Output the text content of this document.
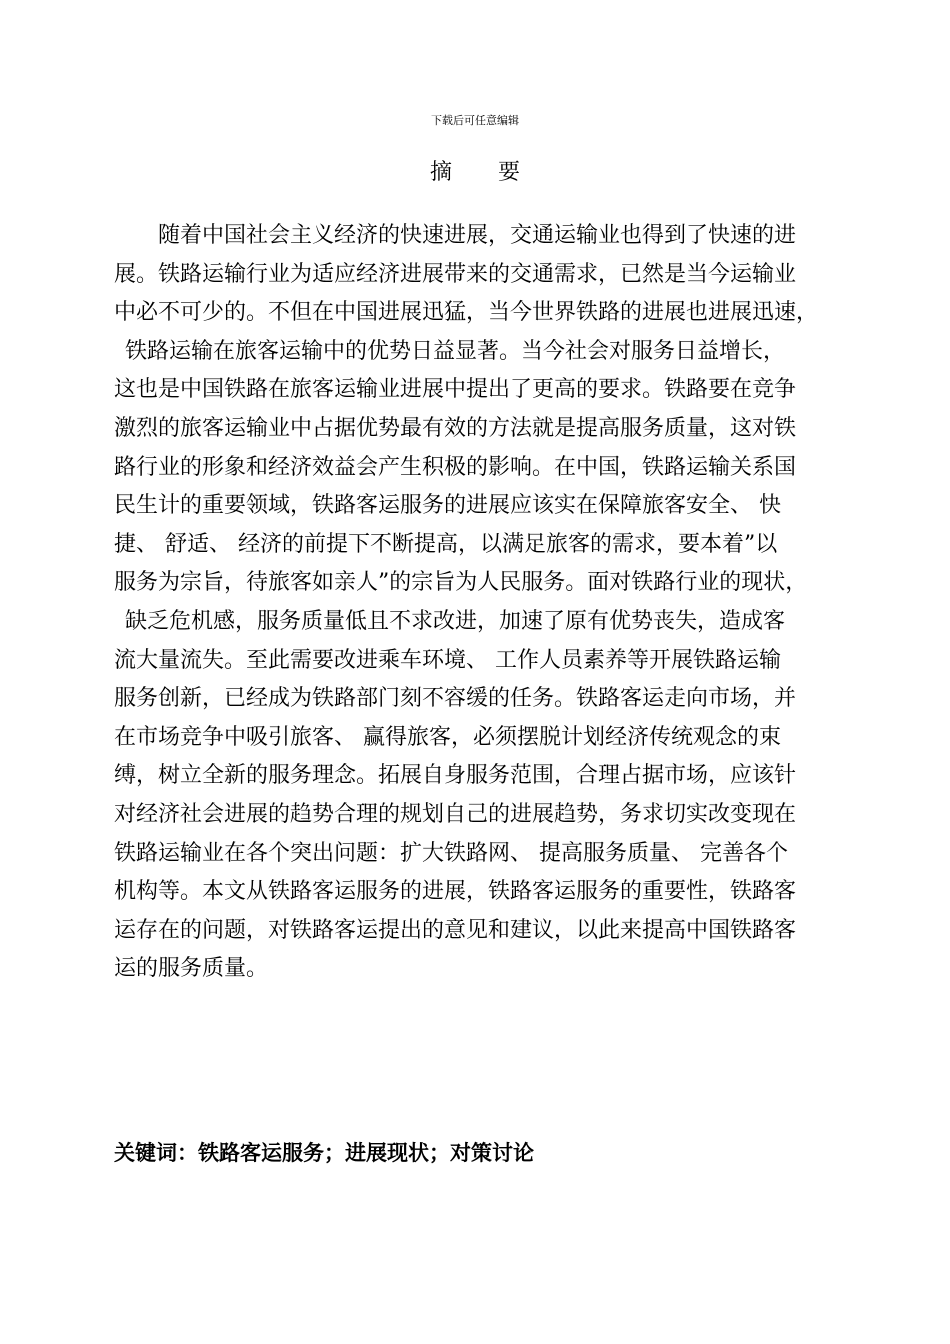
下载后可任意编辑
摘 要
随着中国社会主义经济的快速进展，交通运输业也得到了快速的进
展。铁路运输行业为适应经济进展带来的交通需求，已然是当今运输业
中必不可少的。不但在中国进展迅猛，当今世界铁路的进展也进展迅速，
铁路运输在旅客运输中的优势日益显著。当今社会对服务日益增长，
这也是中国铁路在旅客运输业进展中提出了更高的要求。铁路要在竞争
激烈的旅客运输业中占据优势最有效的方法就是提高服务质量，这对铁
路行业的形象和经济效益会产生积极的影响。在中国，铁路运输关系国
民生计的重要领域，铁路客运服务的进展应该实在保障旅客安全、 快
捷、 舒适、 经济的前提下不断提高，以满足旅客的需求，要本着”以
服务为宗旨，待旅客如亲人”的宗旨为人民服务。面对铁路行业的现状，
缺乏危机感，服务质量低且不求改进，加速了原有优势丧失，造成客
流大量流失。至此需要改进乘车环境、 工作人员素养等开展铁路运输
服务创新，已经成为铁路部门刻不容缓的任务。铁路客运走向市场，并
在市场竞争中吸引旅客、 赢得旅客，必须摆脱计划经济传统观念的束
缚，树立全新的服务理念。拓展自身服务范围，合理占据市场，应该针
对经济社会进展的趋势合理的规划自己的进展趋势，务求切实改变现在
铁路运输业在各个突出问题：扩大铁路网、 提高服务质量、 完善各个
机构等。本文从铁路客运服务的进展，铁路客运服务的重要性，铁路客
运存在的问题，对铁路客运提出的意见和建议，以此来提高中国铁路客
运的服务质量。
关键词：铁路客运服务；进展现状；对策讨论
